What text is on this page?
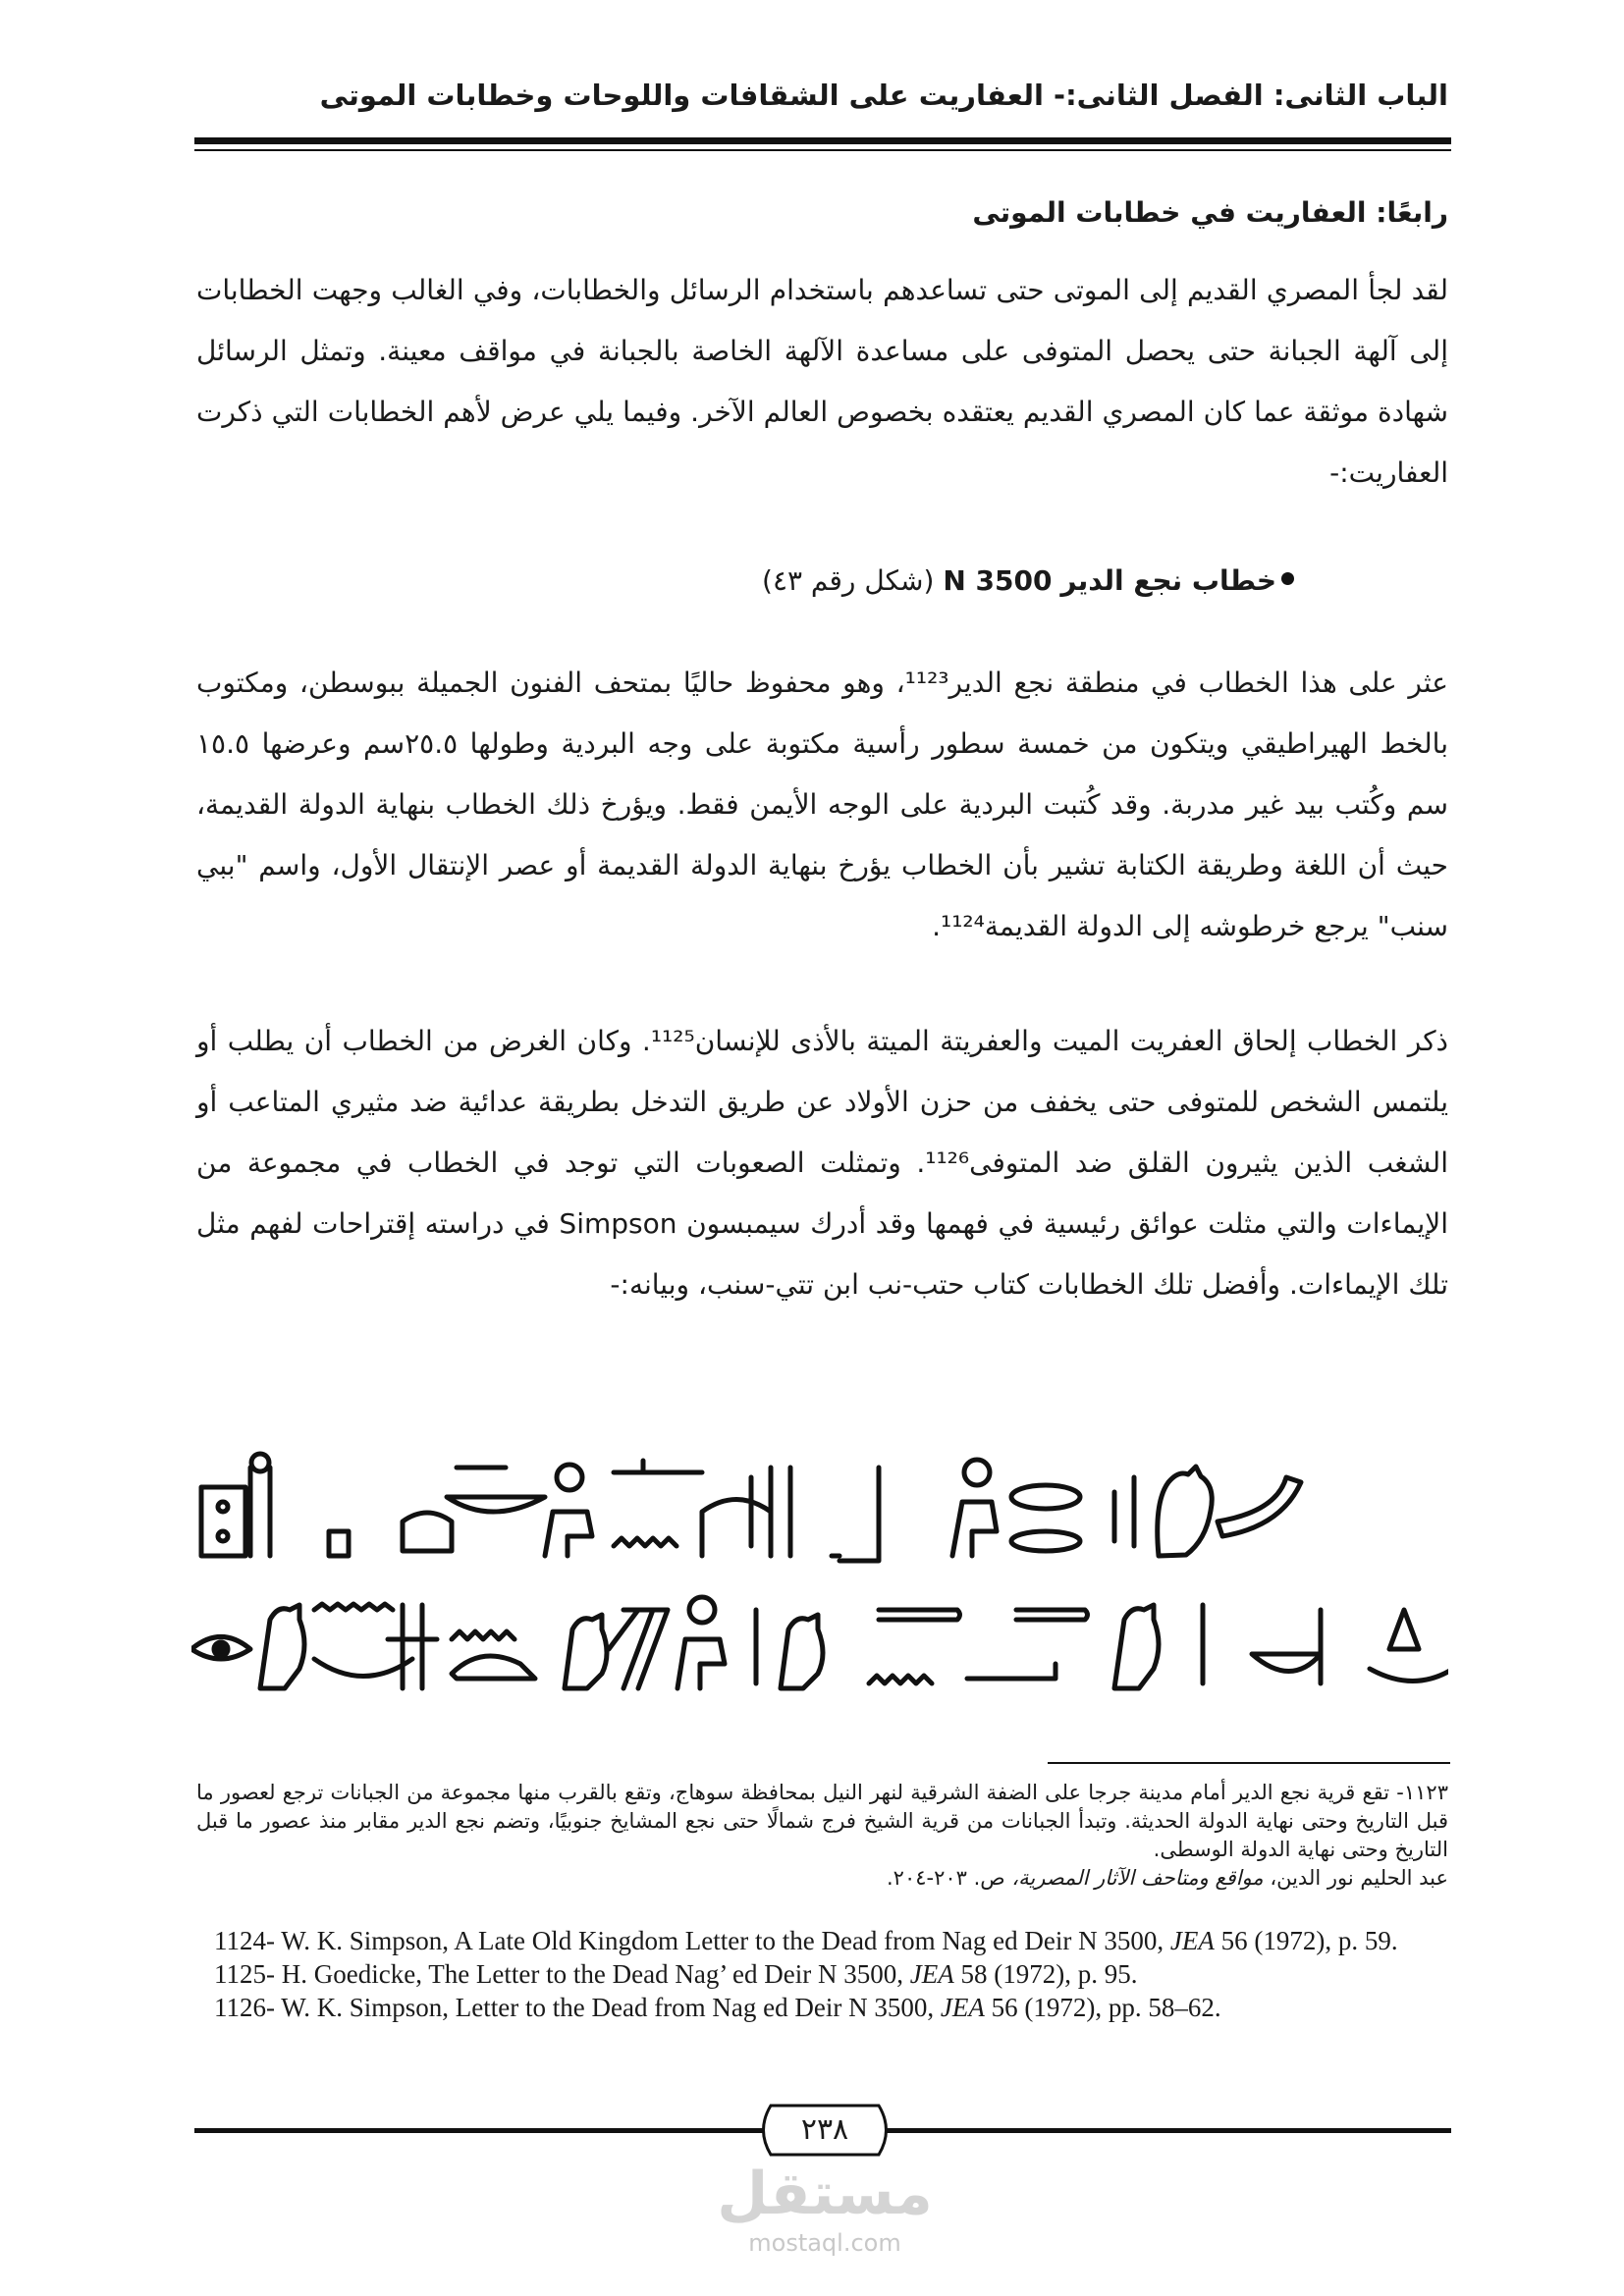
الباب الثانى: الفصل الثانى:- العفاريت على الشقافات واللوحات وخطابات الموتى
رابعًا: العفاريت في خطابات الموتى

لقد لجأ المصري القديم إلى الموتى حتى تساعدهم باستخدام الرسائل والخطابات، وفي الغالب وجهت الخطابات إلى آلهة الجبانة حتى يحصل المتوفى على مساعدة الآلهة الخاصة بالجبانة في مواقف معينة. وتمثل الرسائل شهادة موثقة عما كان المصري القديم يعتقده بخصوص العالم الآخر. وفيما يلي عرض لأهم الخطابات التي ذكرت العفاريت:-

خطاب نجع الدير N 3500 (شكل رقم ٤٣)

عثر على هذا الخطاب في منطقة نجع الدير¹¹²³، وهو محفوظ حاليًا بمتحف الفنون الجميلة ببوسطن، ومكتوب بالخط الهيراطيقي ويتكون من خمسة سطور رأسية مكتوبة على وجه البردية وطولها ٢٥.٥سم وعرضها ١٥.٥ سم وكُتب بيد غير مدربة. وقد كُتبت البردية على الوجه الأيمن فقط. ويؤرخ ذلك الخطاب بنهاية الدولة القديمة، حيث أن اللغة وطريقة الكتابة تشير بأن الخطاب يؤرخ بنهاية الدولة القديمة أو عصر الإنتقال الأول، واسم "ببي سنب" يرجع خرطوشه إلى الدولة القديمة¹¹²⁴.

ذكر الخطاب إلحاق العفريت الميت والعفريتة الميتة بالأذى للإنسان¹¹²⁵. وكان الغرض من الخطاب أن يطلب أو يلتمس الشخص للمتوفى حتى يخفف من حزن الأولاد عن طريق التدخل بطريقة عدائية ضد مثيري المتاعب أو الشغب الذين يثيرون القلق ضد المتوفى¹¹²⁶. وتمثلت الصعوبات التي توجد في الخطاب في مجموعة من الإيماءات والتي مثلت عوائق رئيسية في فهمها وقد أدرك سيمبسون Simpson في دراسته إقتراحات لفهم مثل تلك الإيماءات. وأفضل تلك الخطابات كتاب حتب-نب ابن تتي-سنب، وبيانه:-

١١٢٣- تقع قرية نجع الدير أمام مدينة جرجا على الضفة الشرقية لنهر النيل بمحافظة سوهاج، وتقع بالقرب منها مجموعة من الجبانات ترجع لعصور ما قبل التاريخ وحتى نهاية الدولة الحديثة. وتبدأ الجبانات من قرية الشيخ فرج شمالًا حتى نجع المشايخ جنوبيًا، وتضم نجع الدير مقابر منذ عصور ما قبل التاريخ وحتى نهاية الدولة الوسطى.

عبد الحليم نور الدين، مواقع ومتاحف الآثار المصرية، ص. ٢٠٣-٢٠٤.

1124- W. K. Simpson, A Late Old Kingdom Letter to the Dead from Nag ed Deir N 3500, JEA 56 (1972), p. 59.

1125- H. Goedicke, The Letter to the Dead Nag’ ed Deir N 3500, JEA 58 (1972), p. 95.

1126- W. K. Simpson, Letter to the Dead from Nag ed Deir N 3500, JEA 56 (1972), pp. 58–62.

٢٣٨
مستقل
mostaql.com
